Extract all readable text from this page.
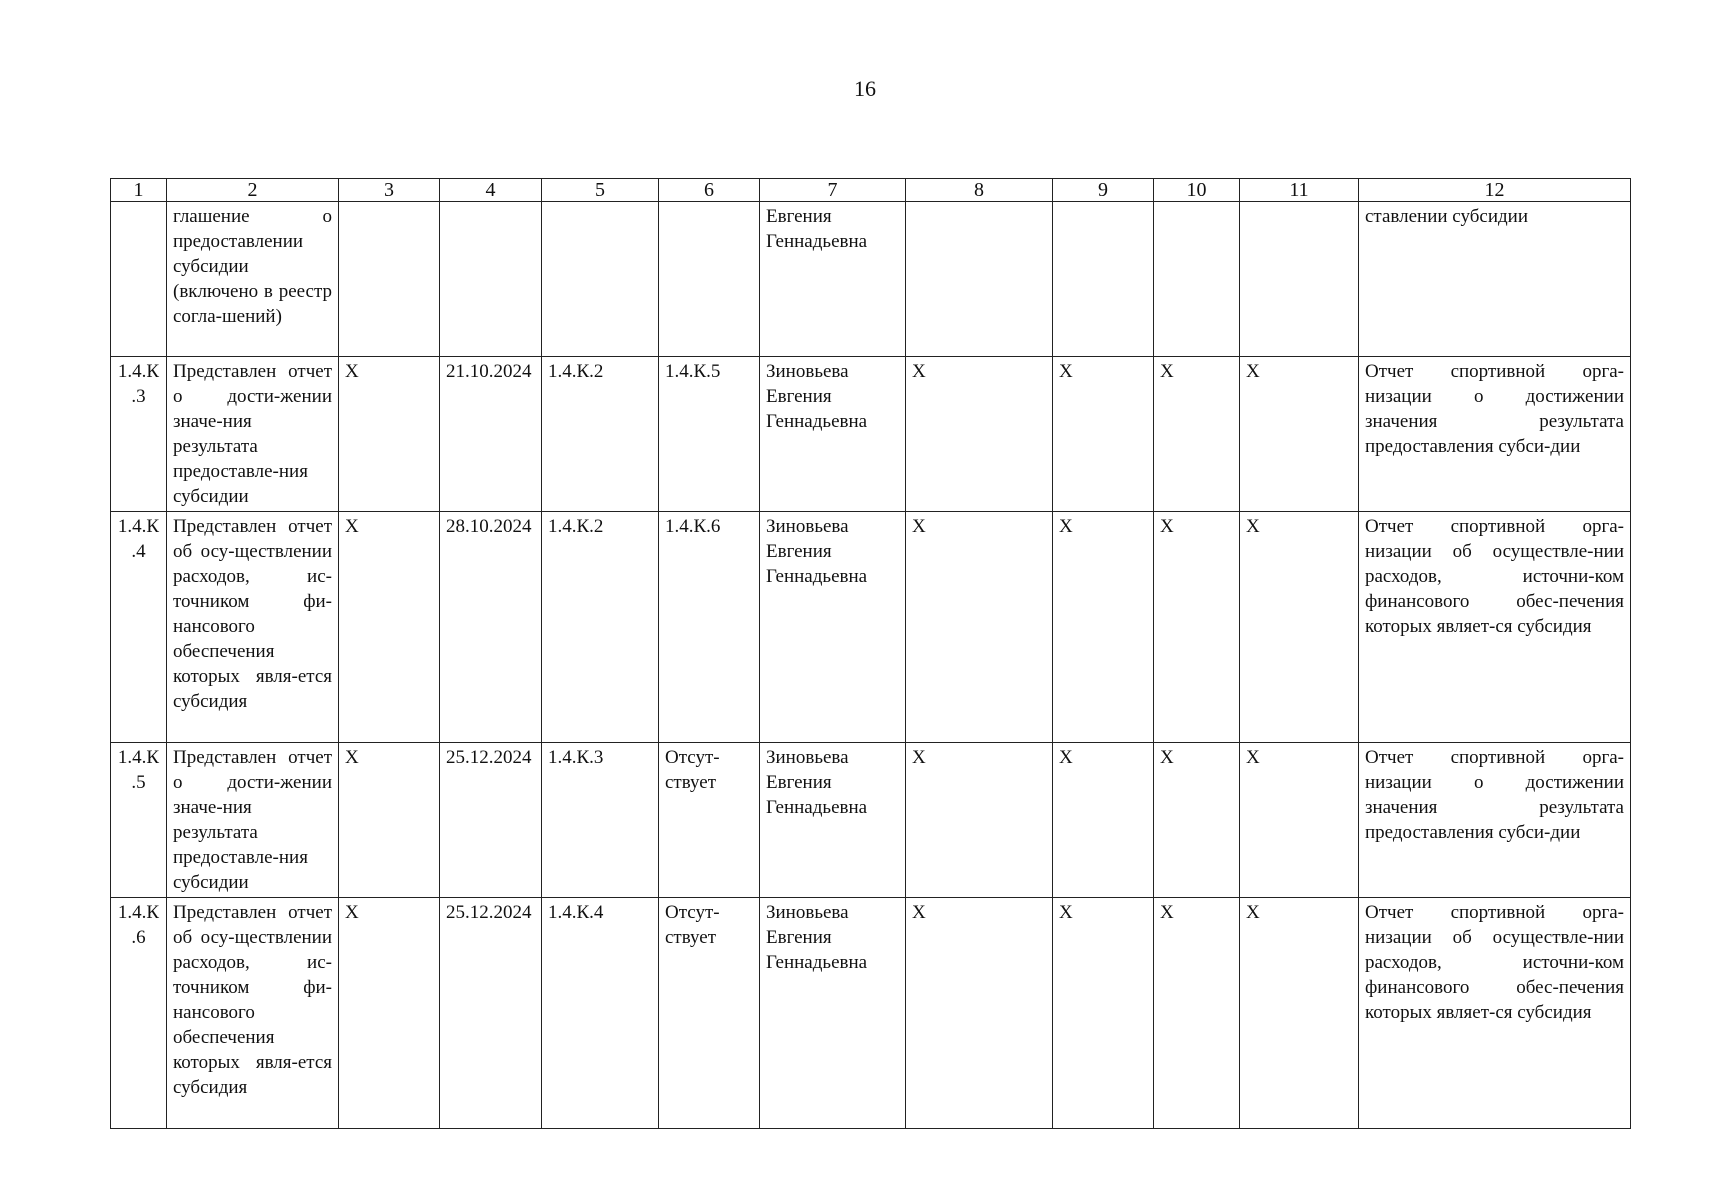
16
1	2	3	4	5	6	7	8	9	10	11	12
	глашение о предоставлении субсидии (включено в реестр согла-шений)					Евгения Геннадьевна					ставлении субсидии
1.4.К.3	Представлен отчет о дости-жении значе-ния результата предоставле-ния субсидии	X	21.10.2024	1.4.К.2	1.4.К.5	Зиновьева Евгения Геннадьевна	X	X	X	X	Отчет спортивной орга-низации о достижении значения результата предоставления субси-дии
1.4.К.4	Представлен отчет об осу-ществлении расходов, ис-точником фи-нансового обеспечения которых явля-ется субсидия	X	28.10.2024	1.4.К.2	1.4.К.6	Зиновьева Евгения Геннадьевна	X	X	X	X	Отчет спортивной орга-низации об осуществле-нии расходов, источни-ком финансового обес-печения которых являет-ся субсидия
1.4.К.5	Представлен отчет о дости-жении значе-ния результата предоставле-ния субсидии	X	25.12.2024	1.4.К.3	Отсут-ствует	Зиновьева Евгения Геннадьевна	X	X	X	X	Отчет спортивной орга-низации о достижении значения результата предоставления субси-дии
1.4.К.6	Представлен отчет об осу-ществлении расходов, ис-точником фи-нансового обеспечения которых явля-ется субсидия	X	25.12.2024	1.4.К.4	Отсут-ствует	Зиновьева Евгения Геннадьевна	X	X	X	X	Отчет спортивной орга-низации об осуществле-нии расходов, источни-ком финансового обес-печения которых являет-ся субсидия
